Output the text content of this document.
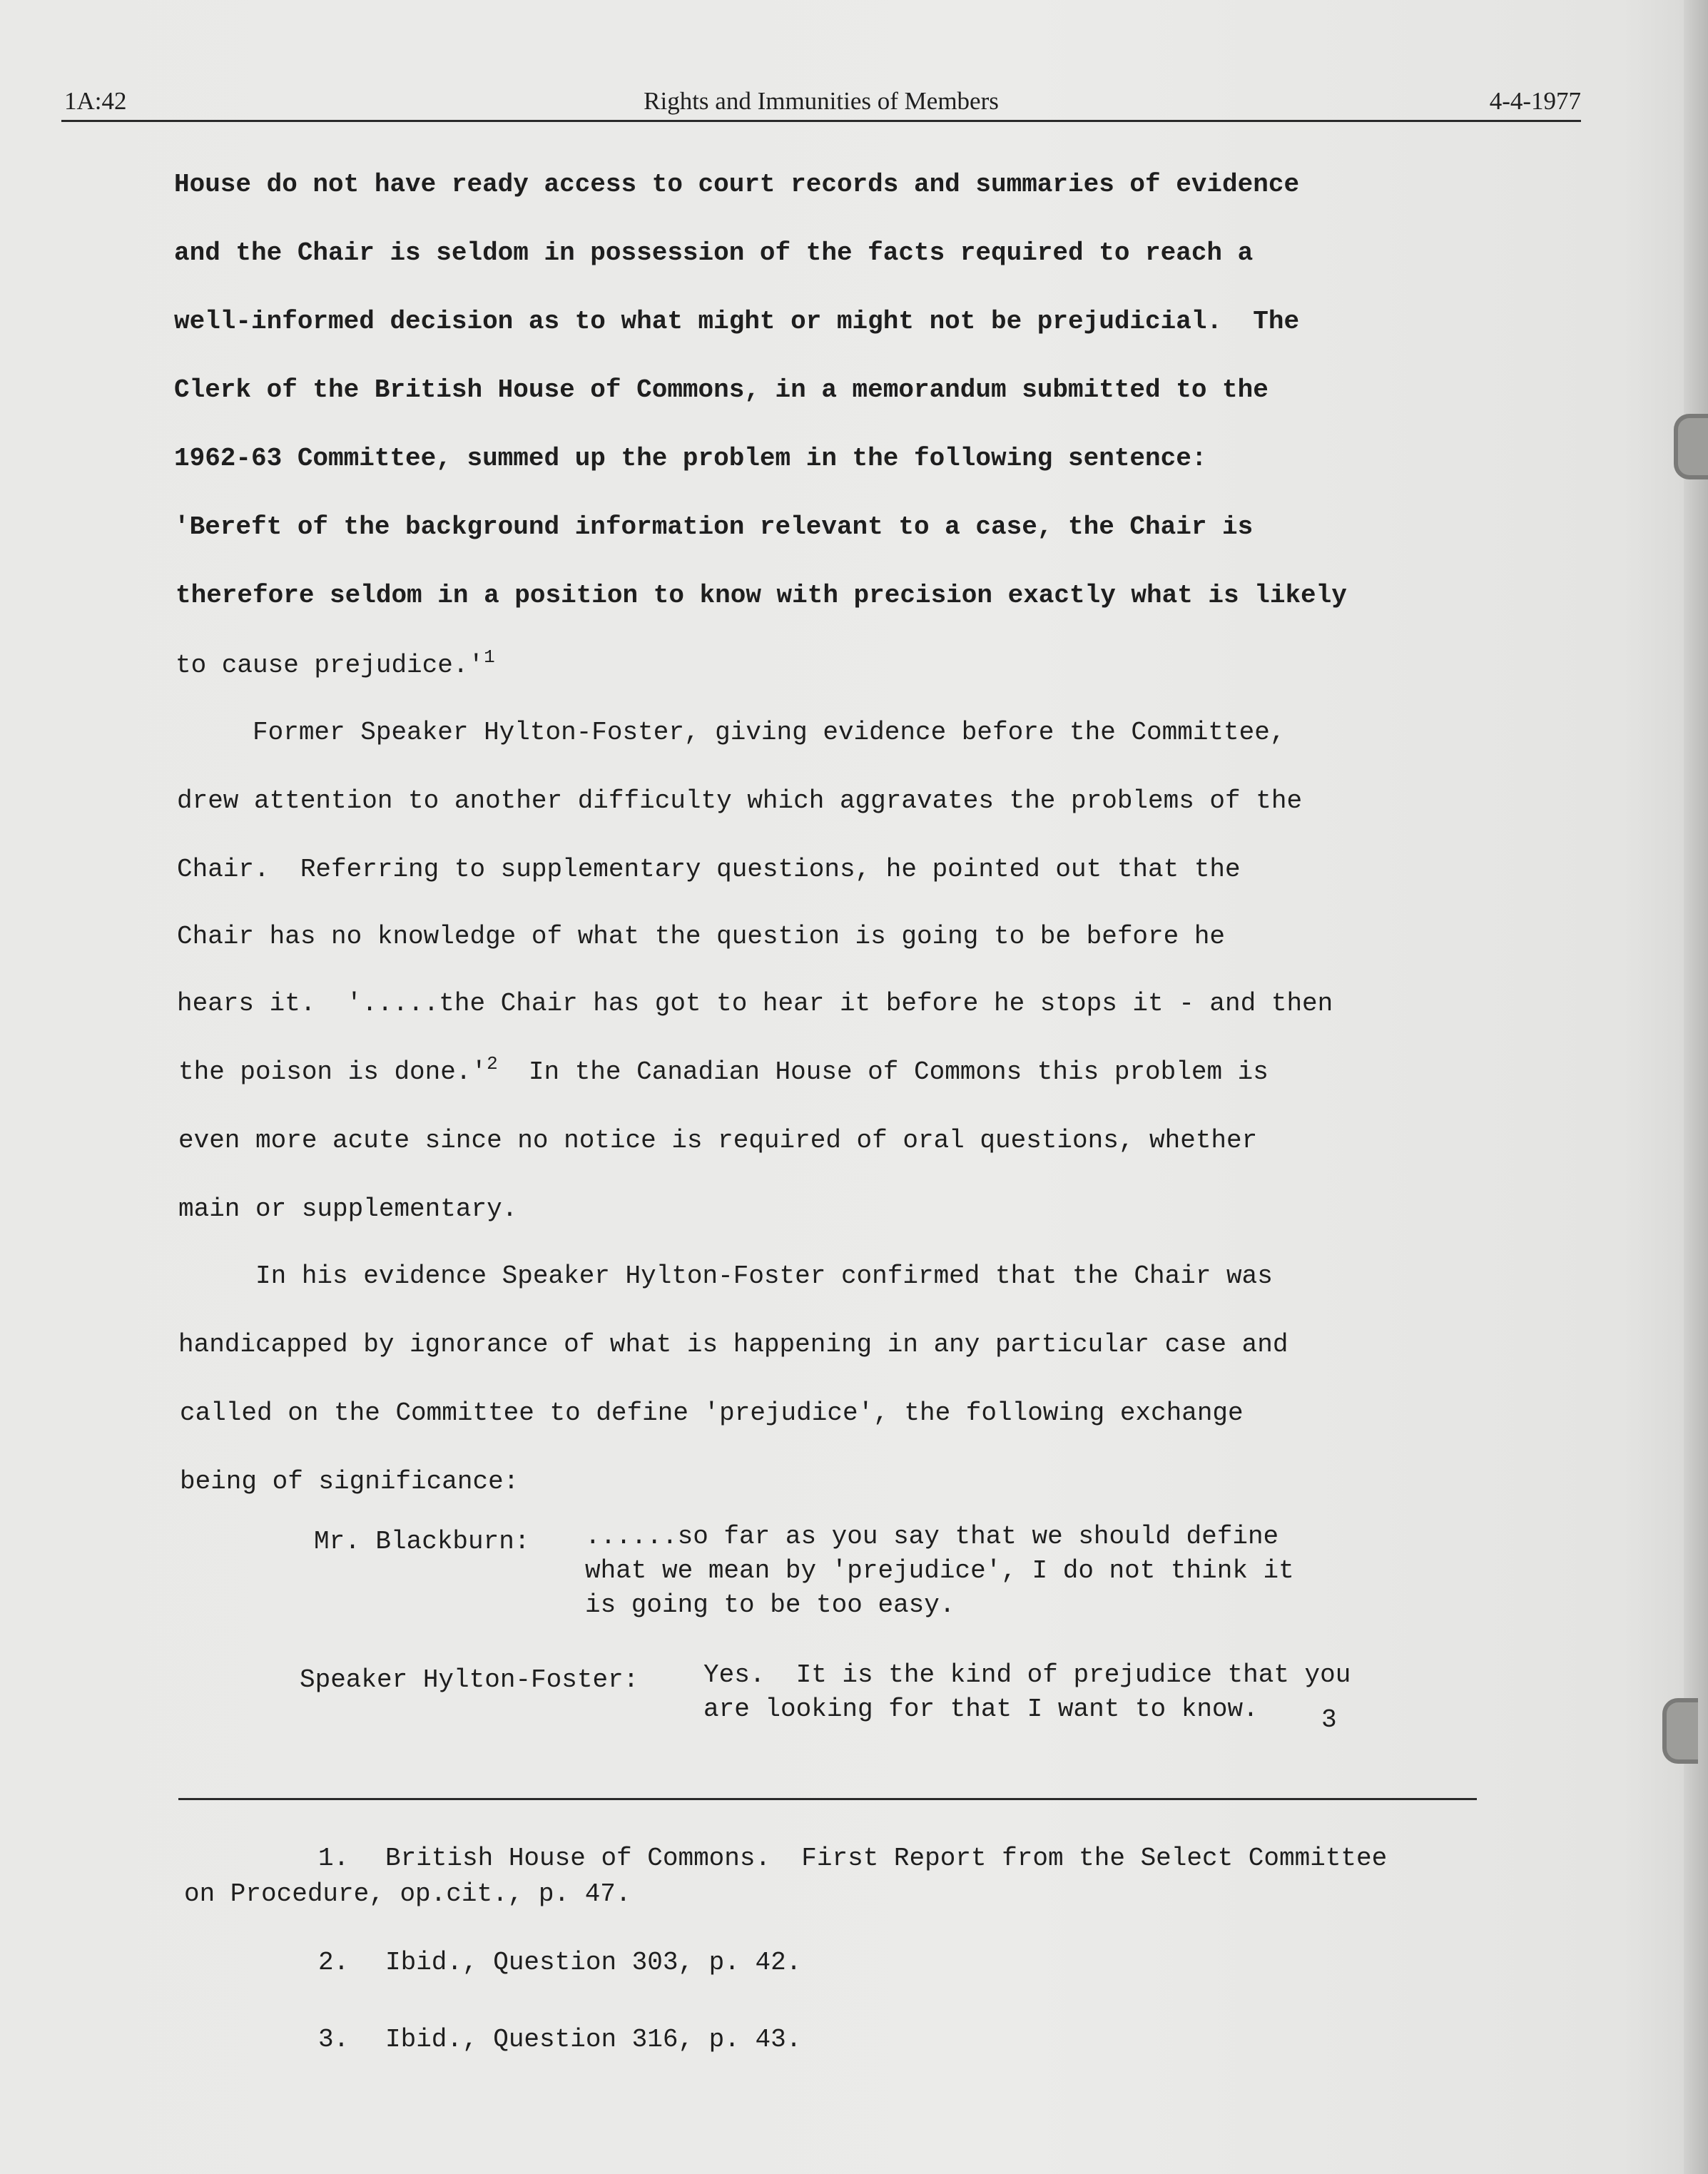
1A:42	Rights and Immunities of Members	4-4-1977
House do not have ready access to court records and summaries of evidence
and the Chair is seldom in possession of the facts required to reach a
well-informed decision as to what might or might not be prejudicial.  The
Clerk of the British House of Commons, in a memorandum submitted to the
1962-63 Committee, summed up the problem in the following sentence:
'Bereft of the background information relevant to a case, the Chair is
therefore seldom in a position to know with precision exactly what is likely
to cause $prejudice.'^1$
Former Speaker Hylton-Foster, giving evidence before the Committee,
drew attention to another difficulty which aggravates the problems of the
Chair.  Referring to supplementary questions, he pointed out that the
Chair has no knowledge of what the question is going to be before he
hears it.  '.....the Chair has got to hear it before he stops it - and then
the poison is $done.'^2$  In the Canadian House of Commons this problem is
even more acute since no notice is required of oral questions, whether
main or supplementary.
In his evidence Speaker Hylton-Foster confirmed that the Chair was
handicapped by ignorance of what is happening in any particular case and
called on the Committee to define 'prejudice', the following exchange
being of significance:
Mr. Blackburn: ......so far as you say that we should define
what we mean by 'prejudice', I do not think it
is going to be too easy.
Speaker Hylton-Foster:	Yes.  It is the kind of prejudice that you
are looking for that I want to know.	3
1. British House of Commons.  First Report from the Select Committee
on Procedure, op.cit., p. 47.
2. Ibid., Question 303, p. 42.
3. Ibid., Question 316, p. 43.
